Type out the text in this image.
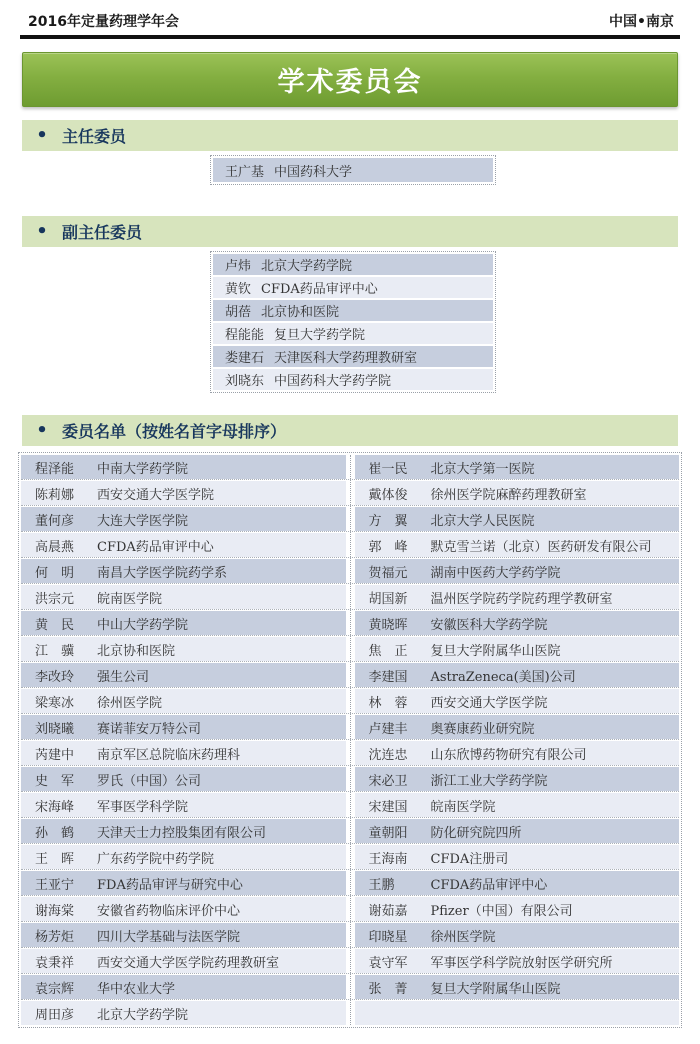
2016年定量药理学年会	中国•南京
学术委员会
• 主任委员
王广基 中国药科大学
• 副主任委员
卢炜 北京大学药学院
黄钦 CFDA药品审评中心
胡蓓 北京协和医院
程能能 复旦大学药学院
娄建石 天津医科大学药理教研室
刘晓东 中国药科大学药学院
• 委员名单（按姓名首字母排序）
程泽能	中南大学药学院	崔一民	北京大学第一医院
陈莉娜	西安交通大学医学院	戴体俊	徐州医学院麻醉药理教研室
董何彦	大连大学医学院	方　翼	北京大学人民医院
高晨燕	CFDA药品审评中心	郭　峰	默克雪兰诺（北京）医药研发有限公司
何　明	南昌大学医学院药学系	贺福元	湖南中医药大学药学院
洪宗元	皖南医学院	胡国新	温州医学院药学院药理学教研室
黄　民	中山大学药学院	黄晓晖	安徽医科大学药学院
江　骥	北京协和医院	焦　正	复旦大学附属华山医院
李改玲	强生公司	李建国	AstraZeneca(美国)公司
梁寒冰	徐州医学院	林　蓉	西安交通大学医学院
刘晓曦	赛诺菲安万特公司	卢建丰	奥赛康药业研究院
芮建中	南京军区总院临床药理科	沈连忠	山东欣博药物研究有限公司
史　军	罗氏（中国）公司	宋必卫	浙江工业大学药学院
宋海峰	军事医学科学院	宋建国	皖南医学院
孙　鹤	天津天士力控股集团有限公司	童朝阳	防化研究院四所
王　晖	广东药学院中药学院	王海南	CFDA注册司
王亚宁	FDA药品审评与研究中心	王鹏	CFDA药品审评中心
谢海棠	安徽省药物临床评价中心	谢茹嘉	Pfizer（中国）有限公司
杨芳炬	四川大学基础与法医学院	印晓星	徐州医学院
袁秉祥	西安交通大学医学院药理教研室	袁守军	军事医学科学院放射医学研究所
袁宗辉	华中农业大学	张　菁	复旦大学附属华山医院
周田彦	北京大学药学院
